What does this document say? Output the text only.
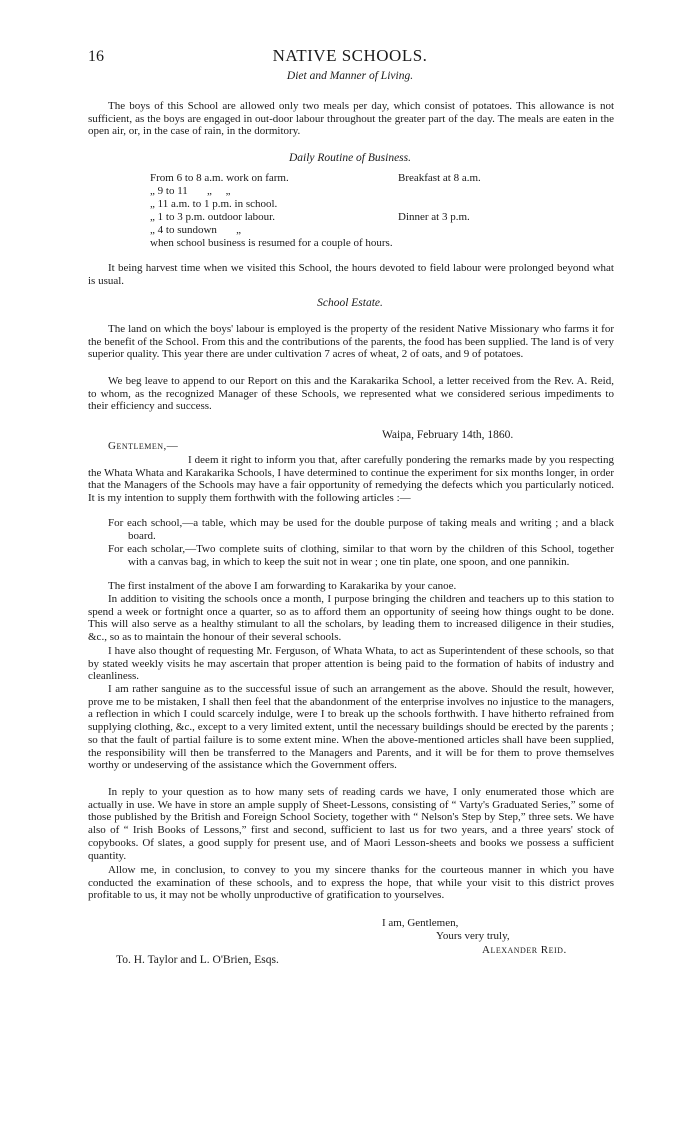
16	NATIVE SCHOOLS.
Diet and Manner of Living.

The boys of this School are allowed only two meals per day, which consist of potatoes. This allowance is not sufficient, as the boys are engaged in out-door labour throughout the greater part of the day. The meals are eaten in the open air, or, in the case of rain, in the dormitory.

Daily Routine of Business.
From 6 to 8 a.m. work on farm.	Breakfast at 8 a.m.
„ 9 to 11       „     „
„ 11 a.m. to 1 p.m. in school.
„ 1 to 3 p.m. outdoor labour.	Dinner at 3 p.m.
„ 4 to sundown       „
when school business is resumed for a couple of hours.

It being harvest time when we visited this School, the hours devoted to field labour were prolonged beyond what is usual.

School Estate.

The land on which the boys' labour is employed is the property of the resident Native Missionary who farms it for the benefit of the School. From this and the contributions of the parents, the food has been supplied. The land is of very superior quality. This year there are under cultivation 7 acres of wheat, 2 of oats, and 9 of potatoes.

We beg leave to append to our Report on this and the Karakarika School, a letter received from the Rev. A. Reid, to whom, as the recognized Manager of these Schools, we represented what we considered serious impediments to their efficiency and success.

Waipa, February 14th, 1860.
Gentlemen,—

I deem it right to inform you that, after carefully pondering the remarks made by you respecting the Whata Whata and Karakarika Schools, I have determined to continue the experiment for six months longer, in order that the Managers of the Schools may have a fair opportunity of remedying the defects which you particularly noticed. It is my intention to supply them forthwith with the following articles :—

For each school,—a table, which may be used for the double purpose of taking meals and writing ; and a black board.

For each scholar,—Two complete suits of clothing, similar to that worn by the children of this School, together with a canvas bag, in which to keep the suit not in wear ; one tin plate, one spoon, and one pannikin.

The first instalment of the above I am forwarding to Karakarika by your canoe.

In addition to visiting the schools once a month, I purpose bringing the children and teachers up to this station to spend a week or fortnight once a quarter, so as to afford them an opportunity of seeing how things ought to be done. This will also serve as a healthy stimulant to all the scholars, by leading them to increased diligence in their studies, &c., so as to maintain the honour of their several schools.

I have also thought of requesting Mr. Ferguson, of Whata Whata, to act as Superintendent of these schools, so that by stated weekly visits he may ascertain that proper attention is being paid to the formation of habits of industry and cleanliness.

I am rather sanguine as to the successful issue of such an arrangement as the above. Should the result, however, prove me to be mistaken, I shall then feel that the abandonment of the enterprise involves no injustice to the managers, a reflection in which I could scarcely indulge, were I to break up the schools forthwith. I have hitherto refrained from supplying clothing, &c., except to a very limited extent, until the necessary buildings should be erected by the parents ; so that the fault of partial failure is to some extent mine. When the above-mentioned articles shall have been supplied, the responsibility will then be transferred to the Managers and Parents, and it will be for them to prove themselves worthy or undeserving of the assistance which the Government offers.

In reply to your question as to how many sets of reading cards we have, I only enumerated those which are actually in use. We have in store an ample supply of Sheet-Lessons, consisting of “ Varty's Graduated Series,” some of those published by the British and Foreign School Society, together with “ Nelson's Step by Step,” three sets. We have also of “ Irish Books of Lessons,” first and second, sufficient to last us for two years, and a three years' stock of copybooks. Of slates, a good supply for present use, and of Maori Lesson-sheets and books we possess a sufficient quantity.

Allow me, in conclusion, to convey to you my sincere thanks for the courteous manner in which you have conducted the examination of these schools, and to express the hope, that while your visit to this district proves profitable to us, it may not be wholly unproductive of gratification to yourselves.

I am, Gentlemen,
Yours very truly,
Alexander Reid.
To. H. Taylor and L. O'Brien, Esqs.
